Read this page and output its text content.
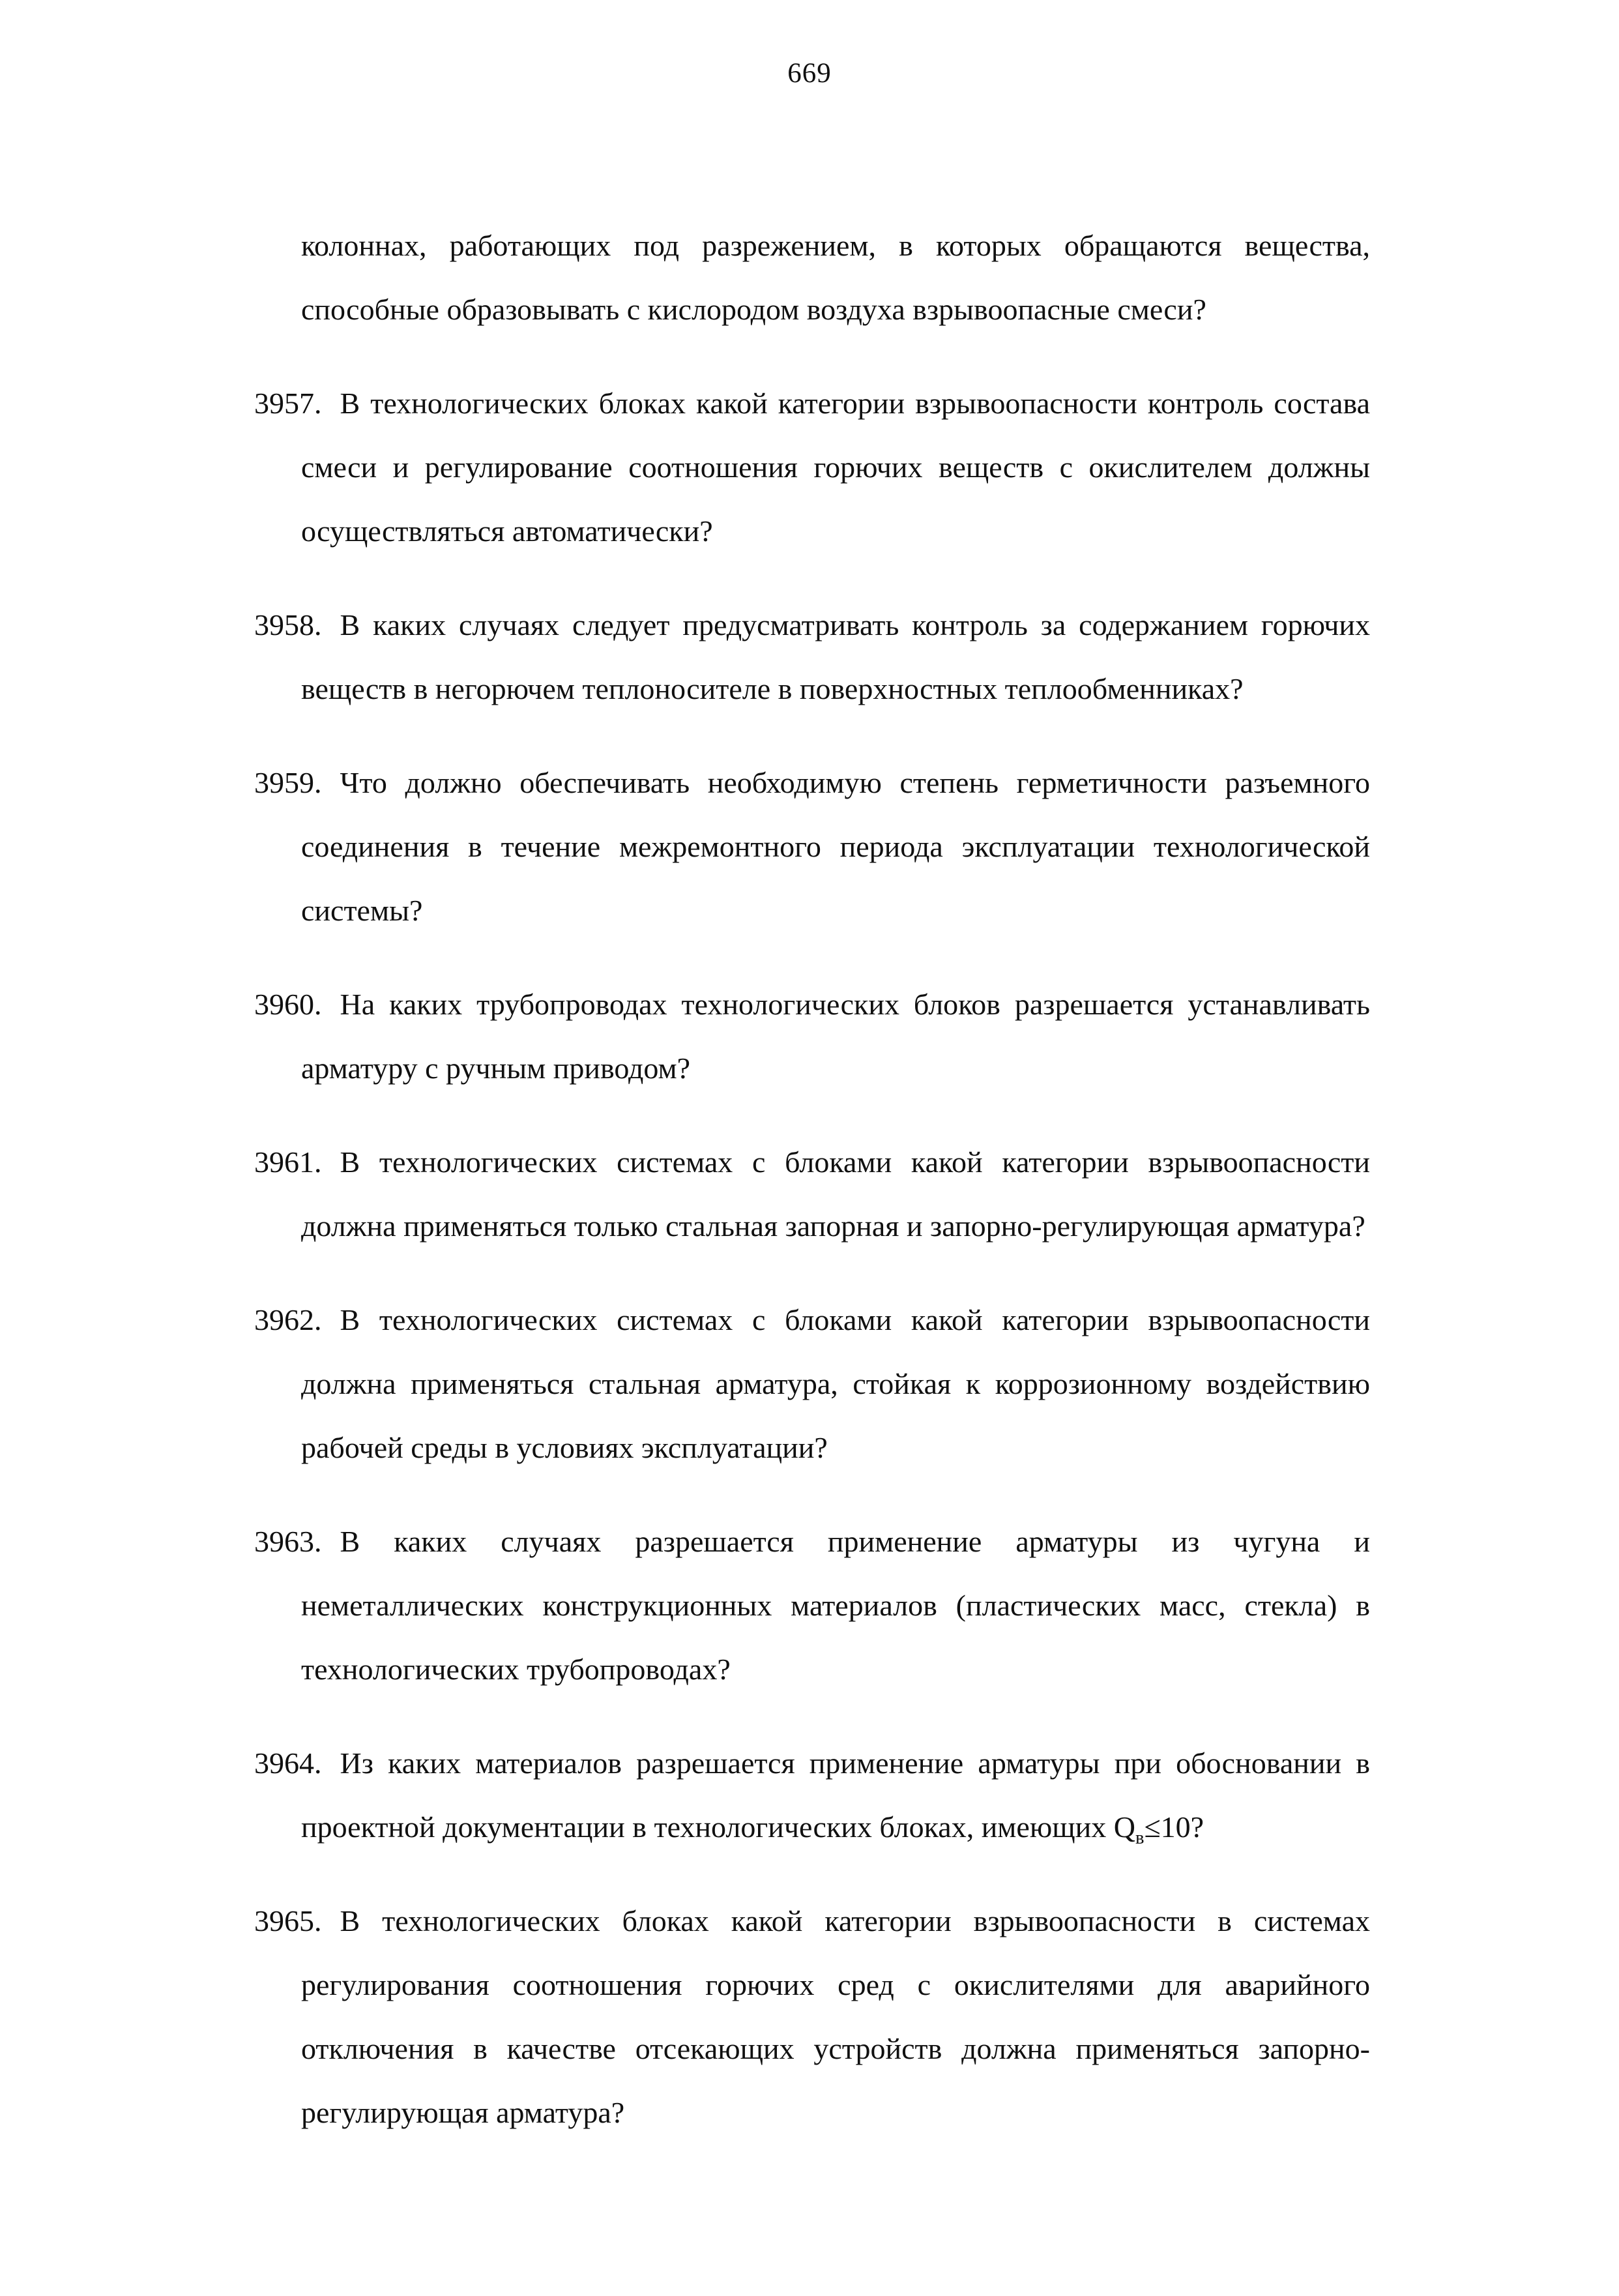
669

колоннах, работающих под разрежением, в которых обращаются вещества, способные образовывать с кислородом воздуха взрывоопасные смеси?

3957. В технологических блоках какой категории взрывоопасности контроль состава смеси и регулирование соотношения горючих веществ с окислителем должны осуществляться автоматически?

3958. В каких случаях следует предусматривать контроль за содержанием горючих веществ в негорючем теплоносителе в поверхностных теплообменниках?

3959. Что должно обеспечивать необходимую степень герметичности разъемного соединения в течение межремонтного периода эксплуатации технологической системы?

3960. На каких трубопроводах технологических блоков разрешается устанавливать арматуру с ручным приводом?

3961. В технологических системах с блоками какой категории взрывоопасности должна применяться только стальная запорная и запорно-регулирующая арматура?

3962. В технологических системах с блоками какой категории взрывоопасности должна применяться стальная арматура, стойкая к коррозионному воздействию рабочей среды в условиях эксплуатации?

3963. В каких случаях разрешается применение арматуры из чугуна и неметаллических конструкционных материалов (пластических масс, стекла) в технологических трубопроводах?

3964. Из каких материалов разрешается применение арматуры при обосновании в проектной документации в технологических блоках, имеющих $Q_в\le 10$?

3965. В технологических блоках какой категории взрывоопасности в системах регулирования соотношения горючих сред с окислителями для аварийного отключения в качестве отсекающих устройств должна применяться запорно-регулирующая арматура?
